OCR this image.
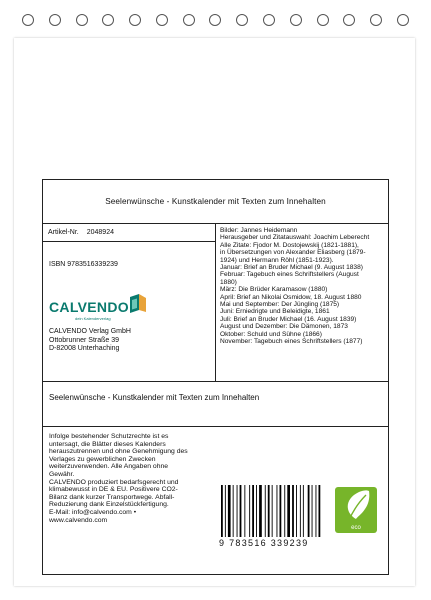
Seelenwünsche - Kunstkalender mit Texten zum Innehalten
Artikel-Nr. 2048924
ISBN 9783516339239
CALVENDO
dein Kalenderverlag
CALVENDO Verlag GmbH
Ottobrunner Straße 39
D-82008 Unterhaching
Bilder: Jannes Heidemann
Herausgeber und Zitatauswahl: Joachim Leberecht
Alle Zitate: Fjodor M. Dostojewskij (1821-1881),
in Übersetzungen von Alexander Eliasberg (1879-
1924) und Hermann Röhl (1851-1923).
Januar: Brief an Bruder Michael (9. August 1838)
Februar: Tagebuch eines Schriftstellers (August
1880)
März: Die Brüder Karamasow (1880)
April: Brief an Nikolai Osmidow, 18. August 1880
Mai und September: Der Jüngling (1875)
Juni: Erniedrigte und Beleidigte, 1861
Juli: Brief an Bruder Michael (16. August 1839)
August und Dezember: Die Dämonen, 1873
Oktober: Schuld und Sühne (1866)
November: Tagebuch eines Schriftstellers (1877)
Seelenwünsche - Kunstkalender mit Texten zum Innehalten
Infolge bestehender Schutzrechte ist es
untersagt, die Blätter dieses Kalenders
herauszutrennen und ohne Genehmigung des
Verlages zu gewerblichen Zwecken
weiterzuverwenden. Alle Angaben ohne
Gewähr.
CALVENDO produziert bedarfsgerecht und
klimabewusst in DE & EU. Positivere CO2-
Bilanz dank kurzer Transportwege. Abfall-
Reduzierung dank Einzelstückfertigung.
E-Mail: info@calvendo.com •
www.calvendo.com
9 783516 339239
eco
